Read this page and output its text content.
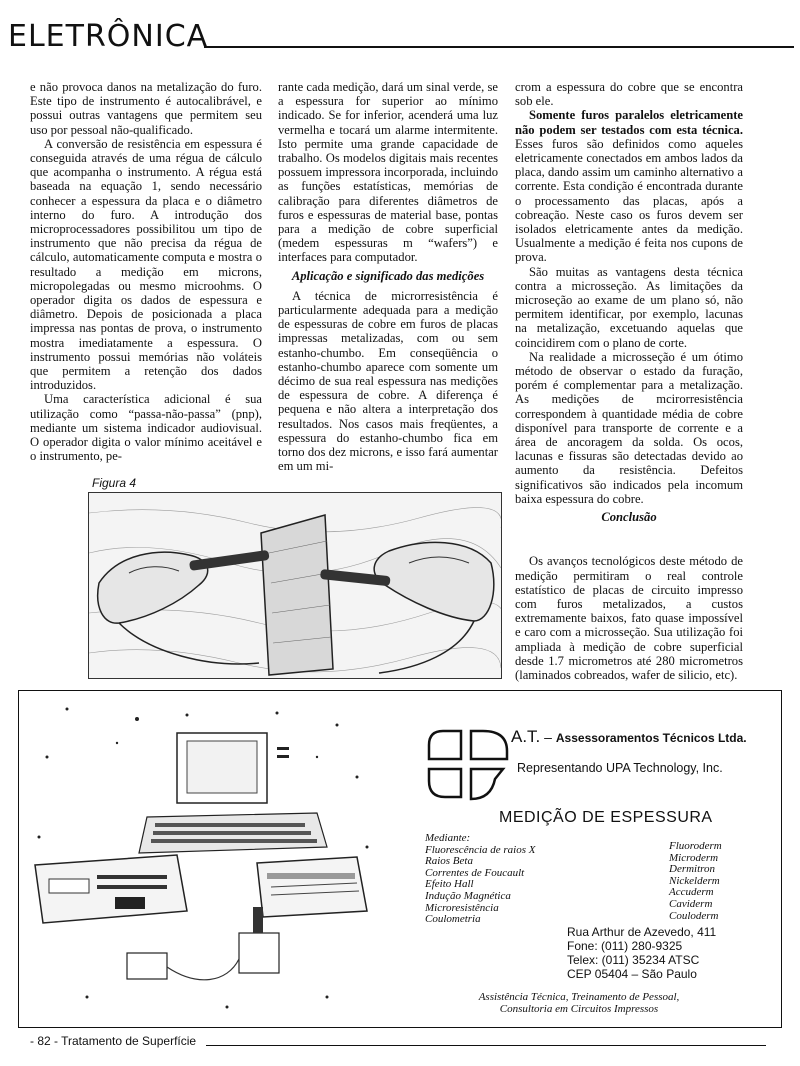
ELETRÔNICA

e não provoca danos na metalização do furo. Este tipo de instrumento é autocalibrável, e possui outras vantagens que permitem seu uso por pessoal não-qualificado.

A conversão de resistência em espessura é conseguida através de uma régua de cálculo que acompanha o instrumento. A régua está baseada na equação 1, sendo necessário conhecer a espessura da placa e o diâmetro interno do furo. A introdução dos microprocessadores possibilitou um tipo de instrumento que não precisa da régua de cálculo, automaticamente computa e mostra o resultado a medição em microns, micropolegadas ou mesmo microohms. O operador digita os dados de espessura e diâmetro. Depois de posicionada a placa impressa nas pontas de prova, o instrumento mostra imediatamente a espessura. O instrumento possui memórias não voláteis que permitem a retenção dos dados introduzidos.

Uma característica adicional é sua utilização como “passa-não-passa” (pnp), mediante um sistema indicador audiovisual. O operador digita o valor mínimo aceitável e o instrumento, pe-

rante cada medição, dará um sinal verde, se a espessura for superior ao mínimo indicado. Se for inferior, acenderá uma luz vermelha e tocará um alarme intermitente. Isto permite uma grande capacidade de trabalho. Os modelos digitais mais recentes possuem impressora incorporada, incluindo as funções estatísticas, memórias de calibração para diferentes diâmetros de furos e espessuras de material base, pontas para a medição de cobre superficial (medem espessuras m “wafers”) e interfaces para computador.

Aplicação e significado das medições

A técnica de microrresistência é particularmente adequada para a medição de espessuras de cobre em furos de placas impressas metalizadas, com ou sem estanho-chumbo. Em conseqüência o estanho-chumbo aparece com somente um décimo de sua real espessura nas medições de espessura de cobre. A diferença é pequena e não altera a interpretação dos resultados. Nos casos mais freqüentes, a espessura do estanho-chumbo fica em torno dos dez microns, e isso fará aumentar em um mi-

crom a espessura do cobre que se encontra sob ele.

Somente furos paralelos eletricamente não podem ser testados com esta técnica. Esses furos são definidos como aqueles eletricamente conectados em ambos lados da placa, dando assim um caminho alternativo a corrente. Esta condição é encontrada durante o processamento das placas, após a cobreação. Neste caso os furos devem ser isolados eletricamente antes da medição. Usualmente a medição é feita nos cupons de prova.

São muitas as vantagens desta técnica contra a microsseção. As limitações da microseção ao exame de um plano só, não permitem identificar, por exemplo, lacunas na metalização, excetuando aquelas que coincidirem com o plano de corte.

Na realidade a microsseção é um ótimo método de observar o estado da furação, porém é complementar para a metalização. As medições de mcirorresistência correspondem à quantidade média de cobre disponível para transporte de corrente e a área de ancoragem da solda. Os ocos, lacunas e fissuras são detectadas devido ao aumento da resistência. Defeitos significativos são indicados pela incomum baixa espessura do cobre.

Conclusão

Os avanços tecnológicos deste método de medição permitiram o real controle estatístico de placas de circuito impresso com furos metalizados, a custos extremamente baixos, fato quase impossível e caro com a microsseção. Sua utilização foi ampliada à medição de cobre superficial desde 1.7 micrometros até 280 micrometros (laminados cobreados, wafer de silicio, etc).

Figura 4
A.T. – Assessoramentos Técnicos Ltda.
Representando UPA Technology, Inc.
MEDIÇÃO DE ESPESSURA
Mediante:
Fluorescência de raios X
Raios Beta
Correntes de Foucault
Efeito Hall
Indução Magnética
Microresistência
Coulometria
Fluoroderm
Microderm
Dermitron
Nickelderm
Accuderm
Caviderm
Couloderm
Rua Arthur de Azevedo, 411
Fone: (011) 280-9325
Telex: (011) 35234 ATSC
CEP 05404 – São Paulo
Assistência Técnica, Treinamento de Pessoal,
Consultoria em Circuitos Impressos
- 82 - Tratamento de Superfície
